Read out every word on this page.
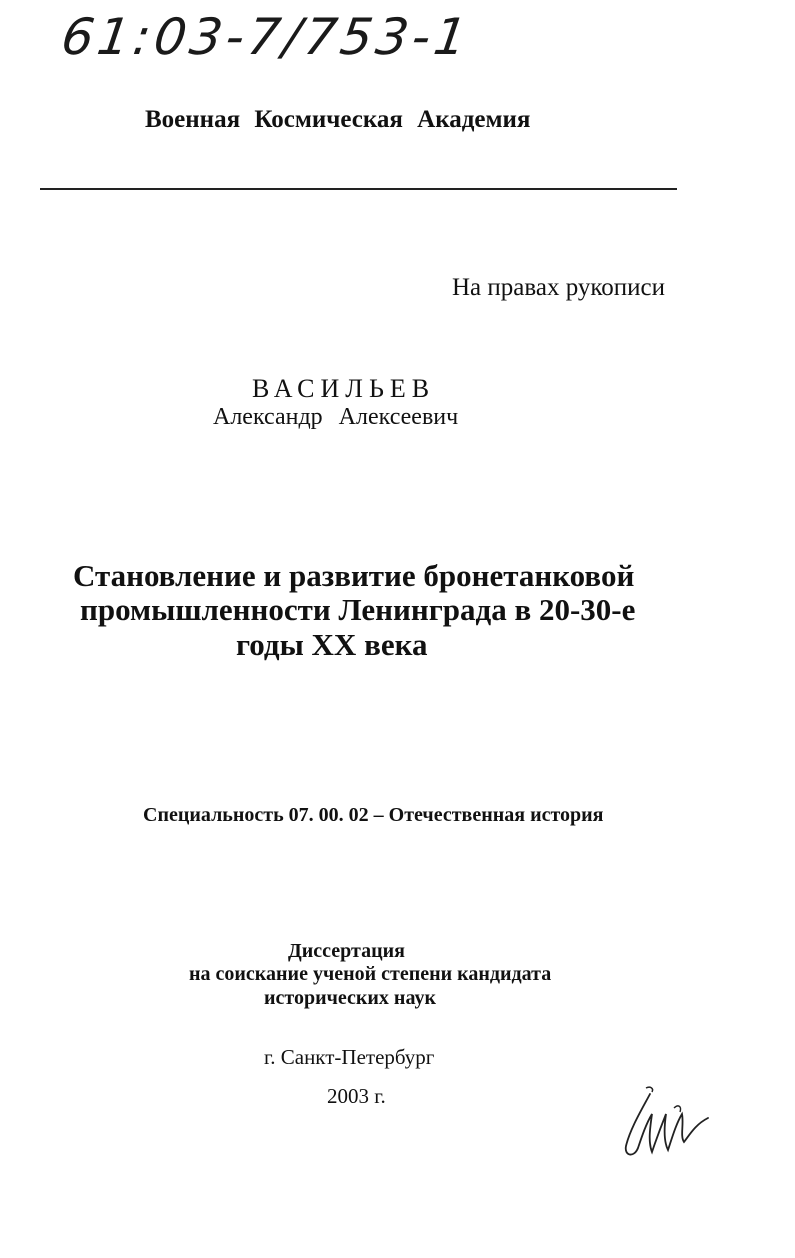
61:03-7/753-1
Военная Космическая Академия
На правах рукописи
ВАСИЛЬЕВ
Александр Алексеевич
Становление и развитие бронетанковой
промышленности Ленинграда в 20-30-е
годы XX века
Специальность 07. 00. 02 – Отечественная история
Диссертация
на соискание ученой степени кандидата
исторических наук
г. Санкт-Петербург
2003 г.
